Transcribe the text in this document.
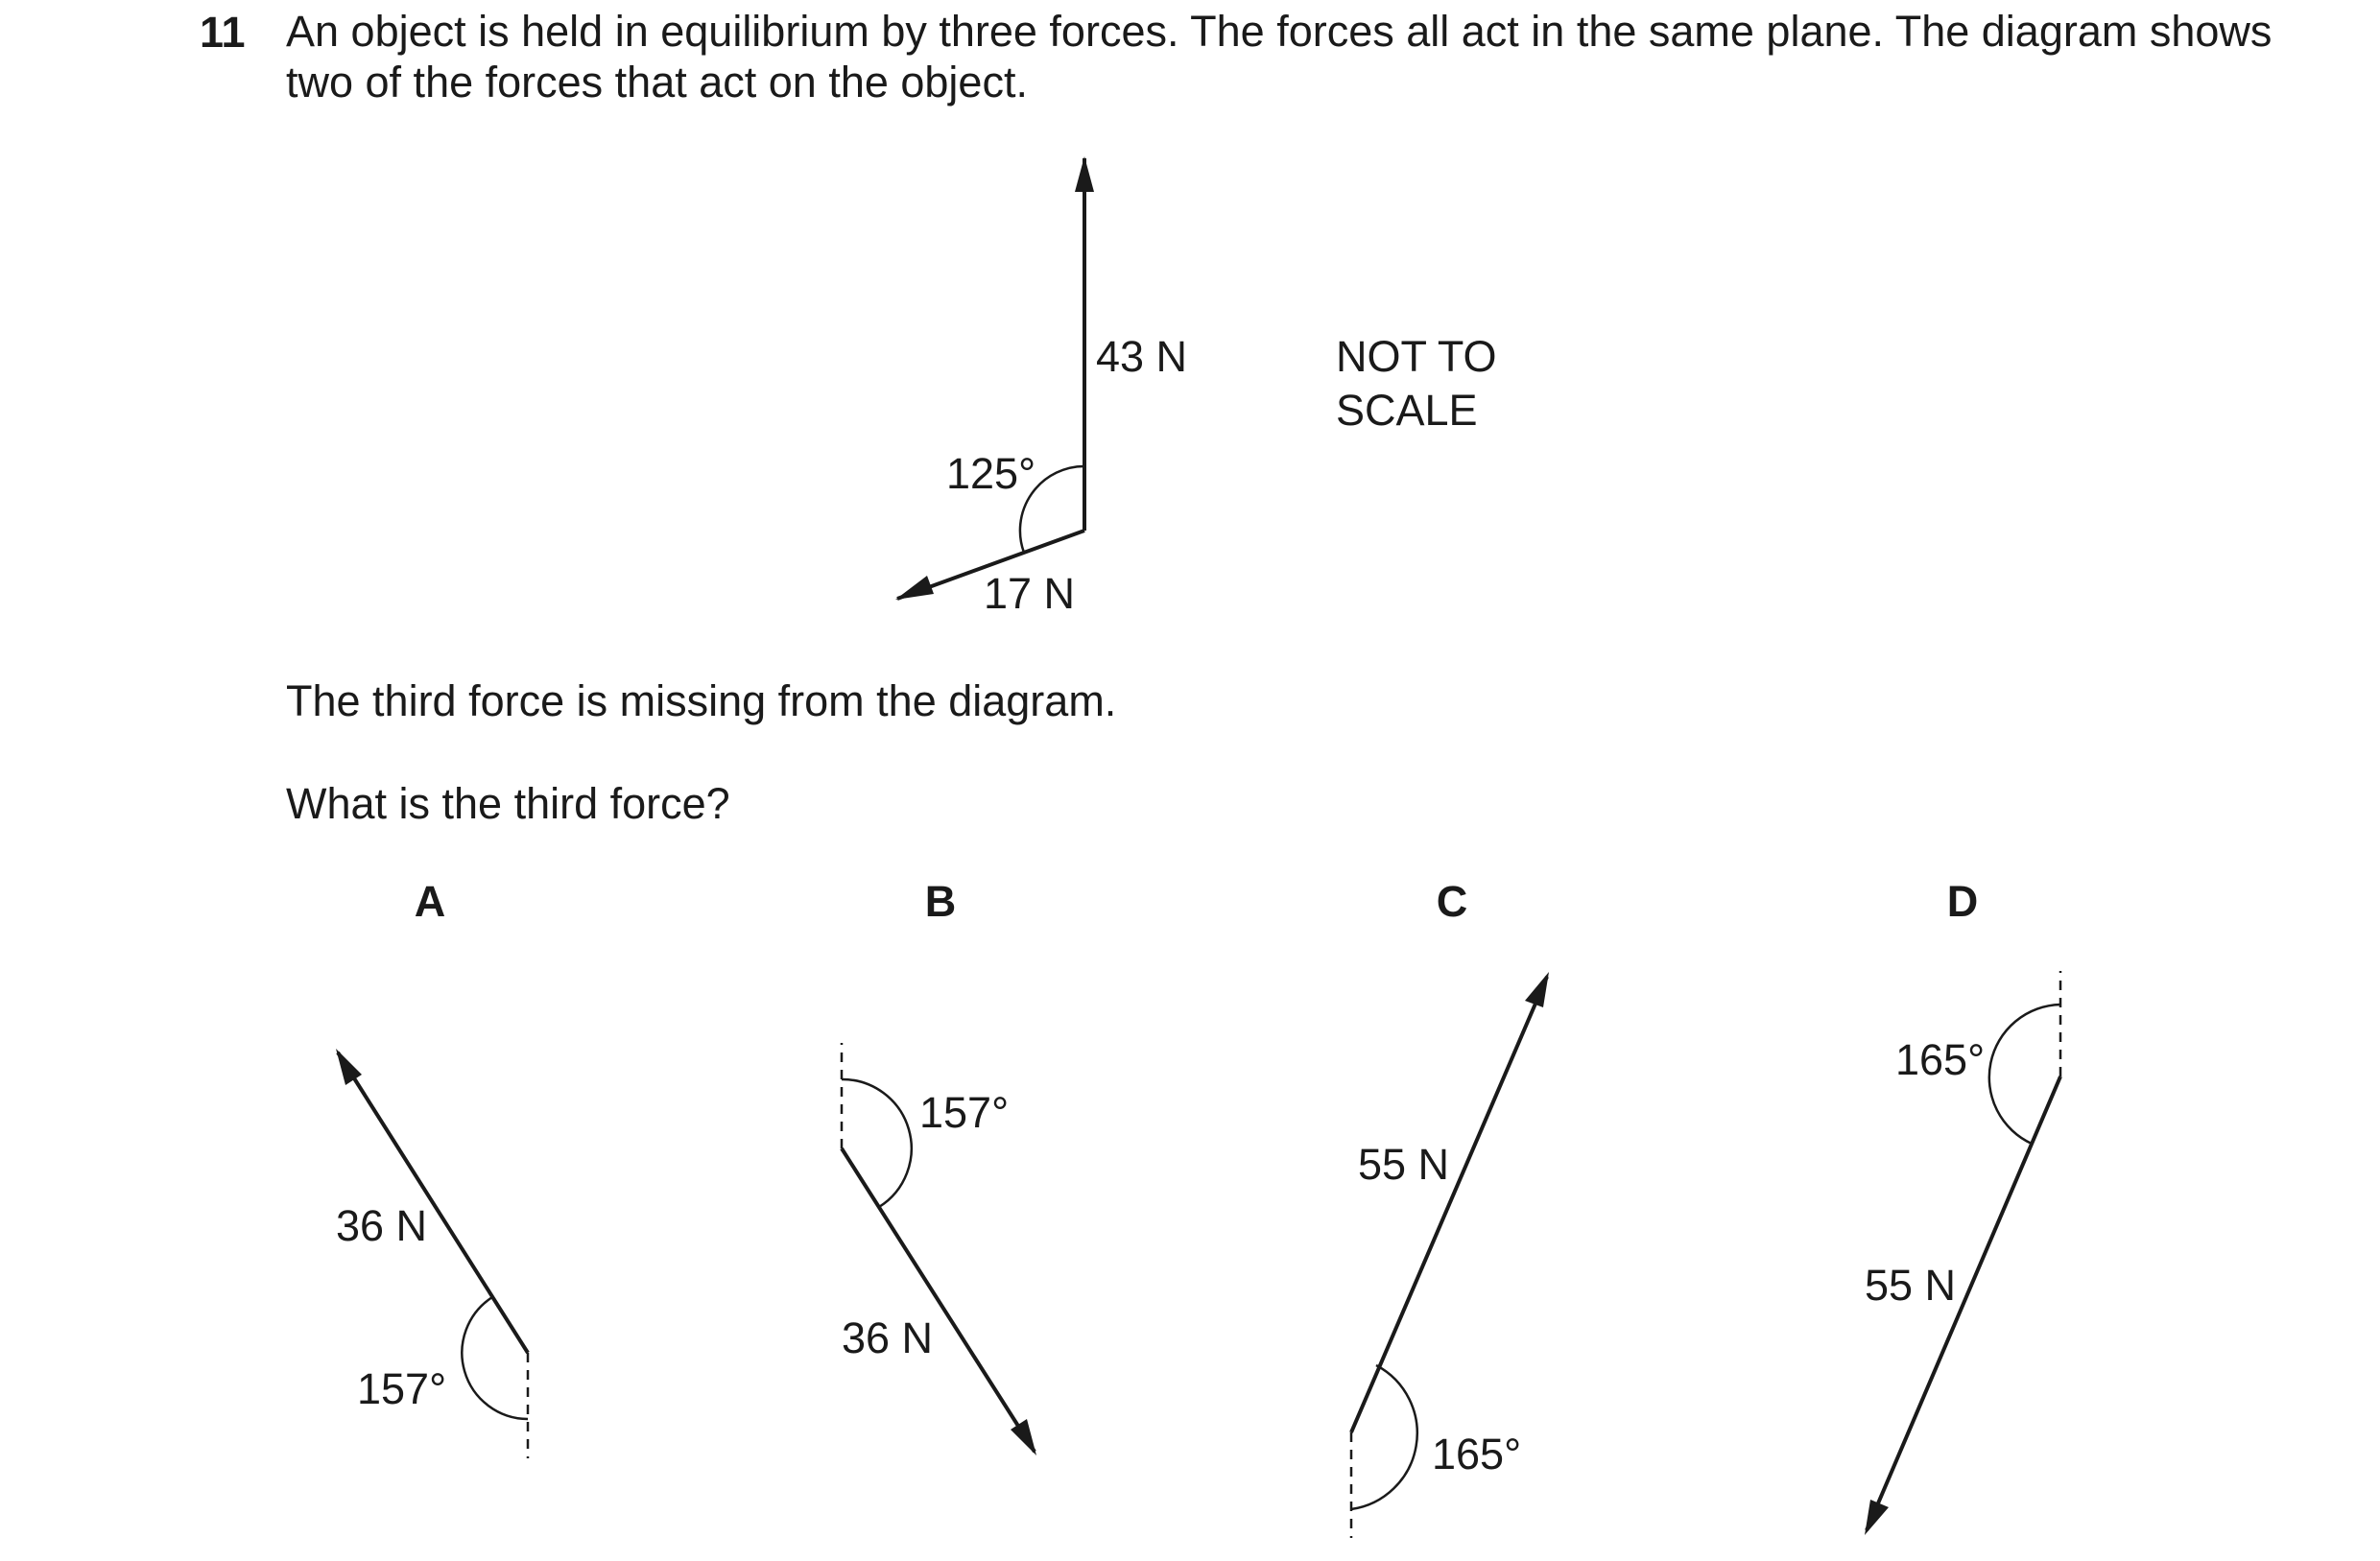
11 An object is held in equilibrium by three forces. The forces all act in the same plane. The diagram shows two of the forces that act on the object.
The third force is missing from the diagram.
What is the third force?
43 N
17 N
125°
NOT TO
SCALE
A
36 N
157°
B
36 N
157°
C
55 N
165°
D
165°
55 N
